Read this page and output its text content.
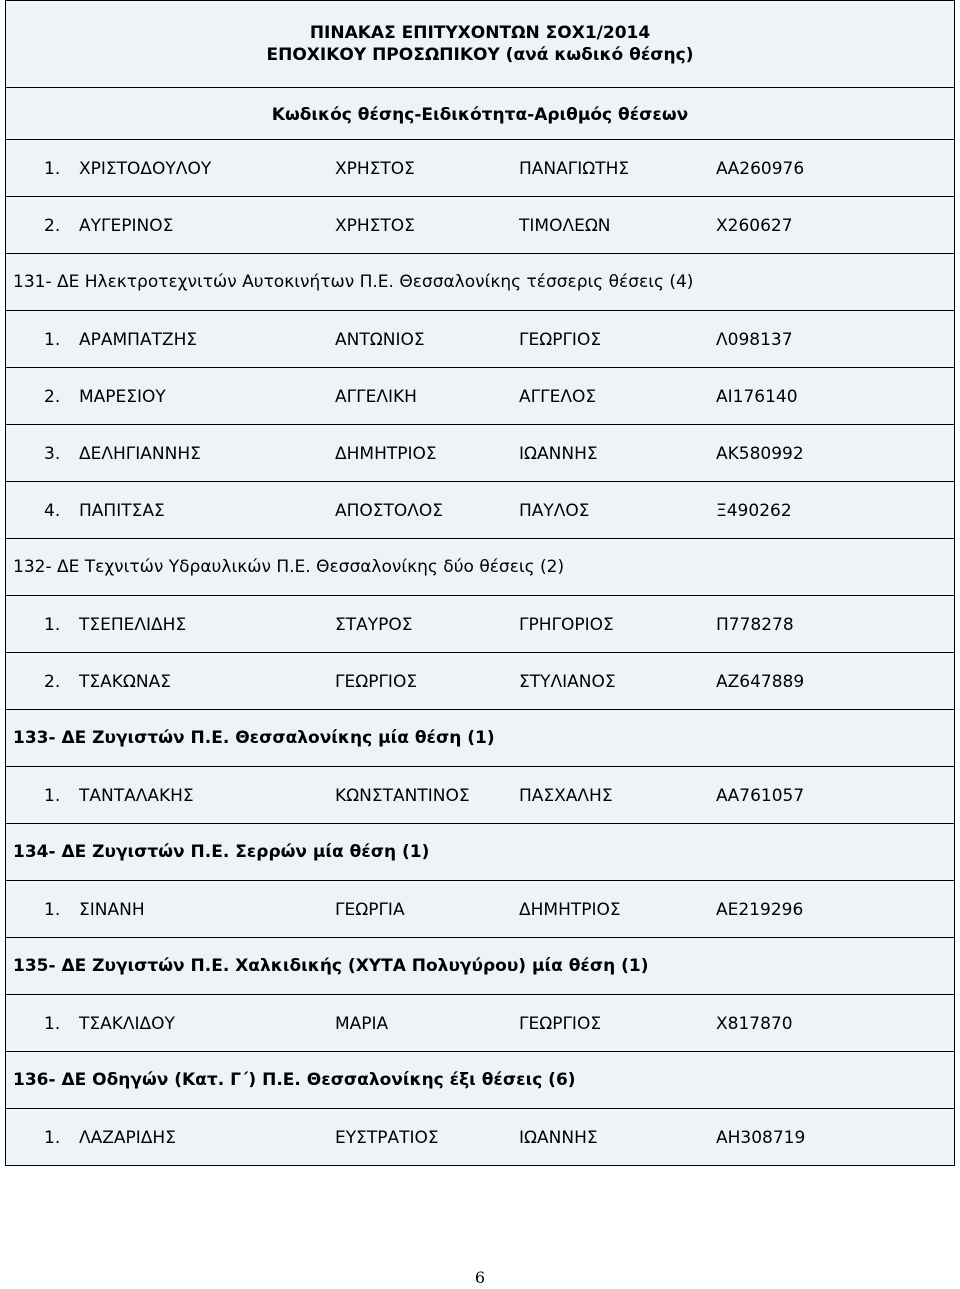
ΠΙΝΑΚΑΣ ΕΠΙΤΥΧΟΝΤΩΝ ΣΟΧ1/2014
ΕΠΟΧΙΚΟΥ ΠΡΟΣΩΠΙΚΟΥ (ανά κωδικό θέσης)
Κωδικός θέσης-Ειδικότητα-Αριθμός θέσεων
1. ΧΡΙΣΤΟΔΟΥΛΟΥ	ΧΡΗΣΤΟΣ	ΠΑΝΑΓΙΩΤΗΣ	ΑΑ260976
2. ΑΥΓΕΡΙΝΟΣ	ΧΡΗΣΤΟΣ	ΤΙΜΟΛΕΩΝ	Χ260627
131- ΔΕ Ηλεκτροτεχνιτών Αυτοκινήτων Π.Ε. Θεσσαλονίκης τέσσερις θέσεις (4)
1. ΑΡΑΜΠΑΤΖΗΣ	ΑΝΤΩΝΙΟΣ	ΓΕΩΡΓΙΟΣ	Λ098137
2. ΜΑΡΕΣΙΟΥ	ΑΓΓΕΛΙΚΗ	ΑΓΓΕΛΟΣ	ΑΙ176140
3. ΔΕΛΗΓΙΑΝΝΗΣ	ΔΗΜΗΤΡΙΟΣ	ΙΩΑΝΝΗΣ	ΑΚ580992
4. ΠΑΠΙΤΣΑΣ	ΑΠΟΣΤΟΛΟΣ	ΠΑΥΛΟΣ	Ξ490262
132- ΔΕ Τεχνιτών Υδραυλικών Π.Ε. Θεσσαλονίκης δύο θέσεις (2)
1. ΤΣΕΠΕΛΙΔΗΣ	ΣΤΑΥΡΟΣ	ΓΡΗΓΟΡΙΟΣ	Π778278
2. ΤΣΑΚΩΝΑΣ	ΓΕΩΡΓΙΟΣ	ΣΤΥΛΙΑΝΟΣ	ΑΖ647889
133- ΔΕ Ζυγιστών Π.Ε. Θεσσαλονίκης μία θέση (1)
1. ΤΑΝΤΑΛΑΚΗΣ	ΚΩΝΣΤΑΝΤΙΝΟΣ	ΠΑΣΧΑΛΗΣ	ΑΑ761057
134- ΔΕ Ζυγιστών Π.Ε. Σερρών μία θέση (1)
1. ΣΙΝΑΝΗ	ΓΕΩΡΓΙΑ	ΔΗΜΗΤΡΙΟΣ	ΑΕ219296
135- ΔΕ Ζυγιστών Π.Ε. Χαλκιδικής (ΧΥΤΑ Πολυγύρου) μία θέση (1)
1. ΤΣΑΚΛΙΔΟΥ	ΜΑΡΙΑ	ΓΕΩΡΓΙΟΣ	Χ817870
136- ΔΕ Οδηγών (Κατ. Γ΄) Π.Ε. Θεσσαλονίκης έξι θέσεις (6)
1. ΛΑΖΑΡΙΔΗΣ	ΕΥΣΤΡΑΤΙΟΣ	ΙΩΑΝΝΗΣ	ΑΗ308719
6
